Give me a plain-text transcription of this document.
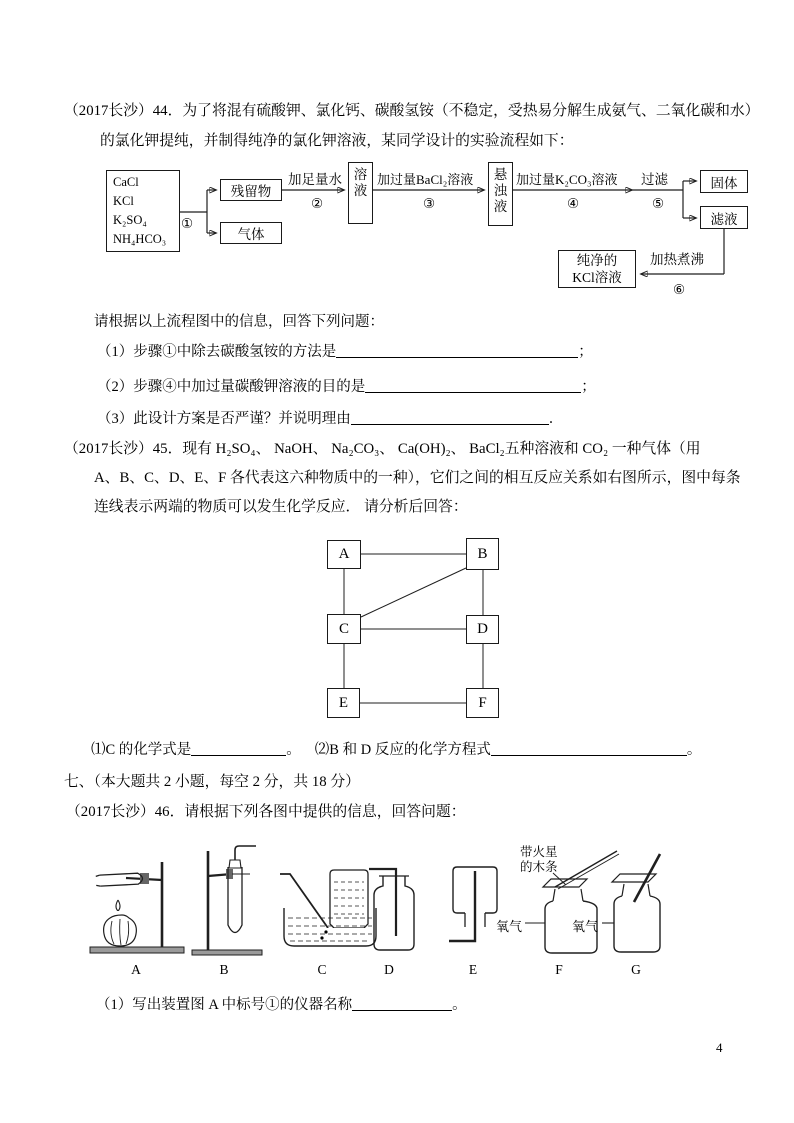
（2017长沙）44．为了将混有硫酸钾、氯化钙、碳酸氢铵（不稳定，受热易分解生成氨气、二氧化碳和水）
的氯化钾提纯，并制得纯净的氯化钾溶液，某同学设计的实验流程如下：
CaCl
KCl
K₂SO₄
NH₄HCO₃
①
残留物
气体
加足量水
②
溶液
加过量BaCl₂溶液
③
悬浊液
加过量K₂CO₃溶液
④
过滤
⑤
固体
滤液
加热煮沸
⑥
纯净的
KCl溶液
请根据以上流程图中的信息，回答下列问题：
（1）步骤①中除去碳酸氢铵的方法是	；
（2）步骤④中加过量碳酸钾溶液的目的是	；
（3）此设计方案是否严谨？并说明理由	．
（2017长沙）45．现有 H₂SO₄、 NaOH、 Na₂CO₃、 Ca(OH)₂、 BaCl₂五种溶液和 CO₂ 一种气体（用
A、B、C、D、E、F 各代表这六种物质中的一种），它们之间的相互反应关系如右图所示，图中每条
连线表示两端的物质可以发生化学反应． 请分析后回答：
A	B
C	D
E	F
⑴C 的化学式是	。 ⑵B 和 D 反应的化学方程式	。
七、（本大题共 2 小题，每空 2 分，共 18 分）
（2017长沙）46．请根据下列各图中提供的信息，回答问题：
带火星
的木条
氧气	氧气
A	B	C	D	E	F	G
（1）写出装置图 A 中标号①的仪器名称	。
4
